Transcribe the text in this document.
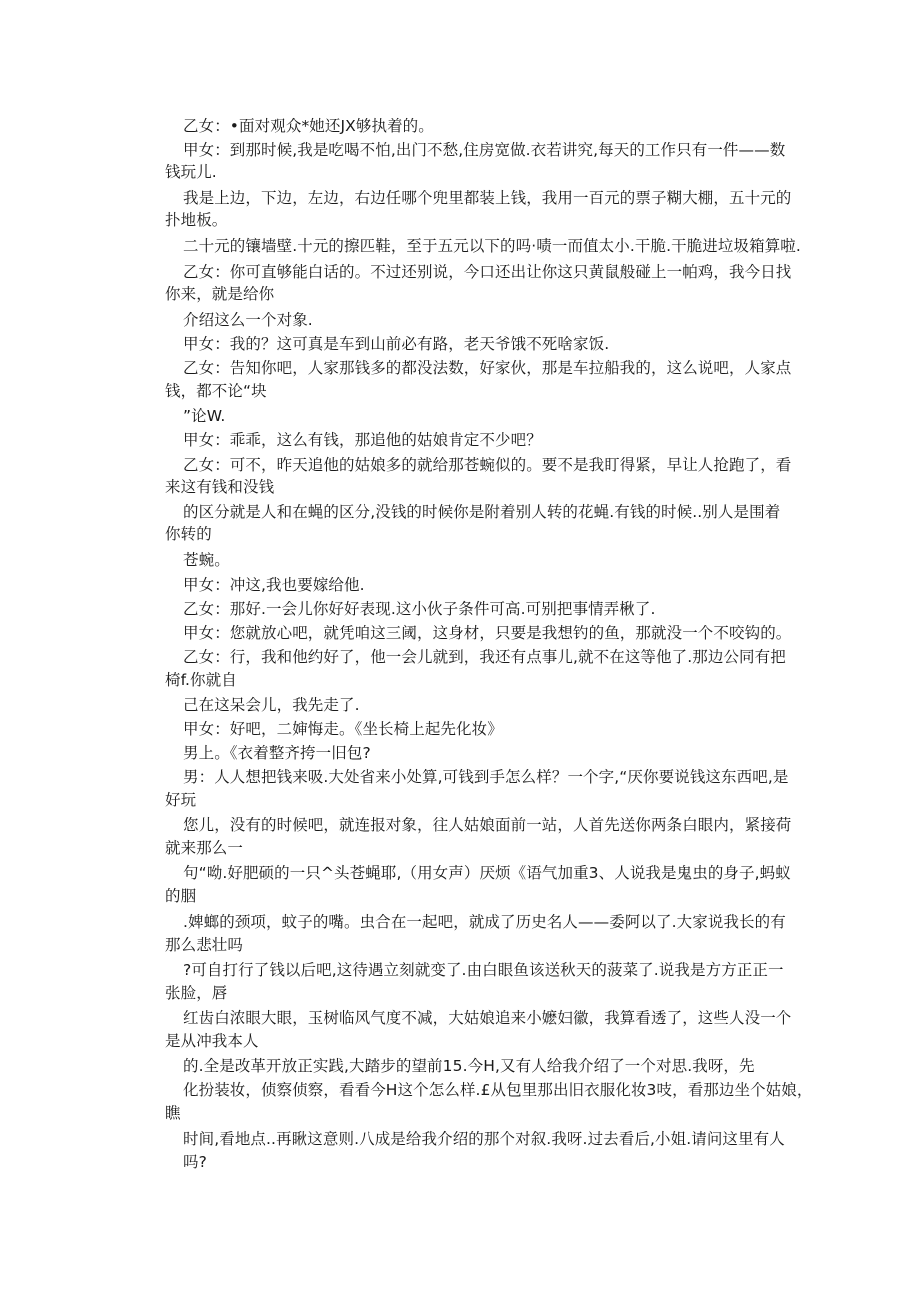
乙女：•面对观众*她还JX够执着的。
甲女：到那时候,我是吃喝不怕,出门不愁,住房宽做.衣若讲究,每天的工作只有一件——数
钱玩儿.
我是上边，下边，左边，右边任哪个兜里都装上钱，我用一百元的票子糊大棚，五十元的
扑地板。
二十元的镶墙壁.十元的擦匹鞋，至于五元以下的吗·啧一而值太小.干脆.干脆进垃圾箱算啦.
乙女：你可直够能白话的。不过还别说，今口还出让你这只黄鼠般碰上一帕鸡，我今日找
你来，就是给你
介绍这么一个对象.
甲女：我的？这可真是车到山前必有路，老天爷饿不死啥家饭.
乙女：告知你吧，人家那钱多的都没法数，好家伙，那是车拉船我的，这么说吧，人家点
钱，都不论“块
”论W.
甲女：乖乖，这么有钱，那追他的姑娘肯定不少吧？
乙女：可不，昨天追他的姑娘多的就给那苍蜿似的。要不是我盯得紧，早让人抢跑了，看
来这有钱和没钱
的区分就是人和在蝇的区分,没钱的时候你是附着别人转的花蝇.有钱的时候..别人是围着
你转的
苍蜿。
甲女：冲这,我也要嫁给他.
乙女：那好.一会儿你好好表现.这小伙子条件可高.可别把事情弄楸了.
甲女：您就放心吧，就凭咱这三阈，这身材，只要是我想钓的鱼，那就没一个不咬钩的。
乙女：行，我和他约好了，他一会儿就到，我还有点事儿,就不在这等他了.那边公同有把
椅f.你就自
己在这呆会儿，我先走了.
甲女：好吧，二婶悔走。《坐长椅上起先化妆》
男上。《衣着整齐挎一旧包?
男：人人想把钱来吸.大处省来小处算,可钱到手怎么样？一个字,“厌你要说钱这东西吧,是
好玩
您儿，没有的时候吧，就连报对象，往人姑娘面前一站，人首先送你两条白眼内，紧接荷
就来那么一
句“呦.好肥硕的一只^头苍蝇耶,（用女声）厌烦《语气加重3、人说我是鬼虫的身子,蚂蚁
的胭
.婢螂的颈项，蚊子的嘴。虫合在一起吧，就成了历史名人——委阿以了.大家说我长的有
那么悲壮吗
?可自打行了钱以后吧,这待遇立刻就变了.由白眼鱼该送秋天的菠菜了.说我是方方正正一
张脸，唇
红齿白浓眼大眼，玉树临风气度不减，大姑娘追来小嬷妇徽，我算看透了，这些人没一个
是从冲我本人
的.全是改革开放正实践,大踏步的望前15.今H,又有人给我介绍了一个对思.我呀，先
化扮装妆，侦察侦察，看看今H这个怎么样.£从包里那出旧衣服化妆3吱，看那边坐个姑娘，
瞧
时间,看地点..再瞅这意则.八成是给我介绍的那个对叙.我呀.过去看后,小姐.请问这里有人
吗?
